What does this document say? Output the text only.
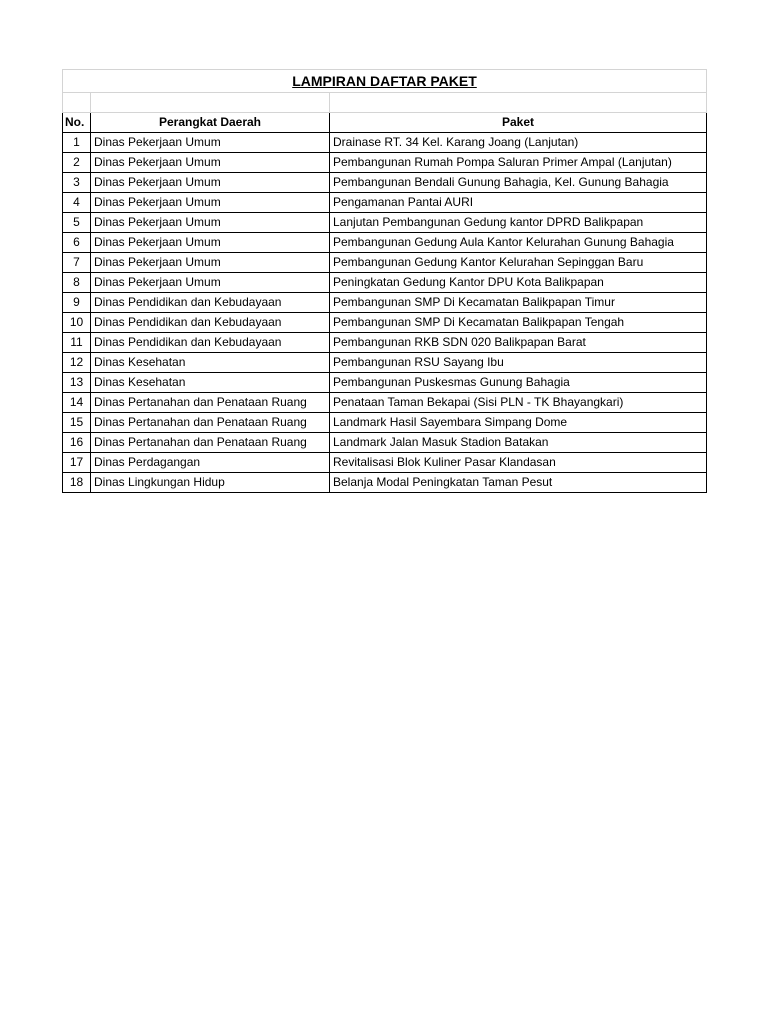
LAMPIRAN DAFTAR PAKET		

No.	Perangkat Daerah	Paket
1	Dinas Pekerjaan Umum	Drainase RT. 34 Kel. Karang Joang (Lanjutan)
2	Dinas Pekerjaan Umum	Pembangunan Rumah Pompa Saluran Primer Ampal (Lanjutan)
3	Dinas Pekerjaan Umum	Pembangunan Bendali Gunung Bahagia, Kel. Gunung Bahagia
4	Dinas Pekerjaan Umum	Pengamanan Pantai AURI
5	Dinas Pekerjaan Umum	Lanjutan Pembangunan Gedung kantor DPRD Balikpapan
6	Dinas Pekerjaan Umum	Pembangunan Gedung Aula Kantor Kelurahan Gunung Bahagia
7	Dinas Pekerjaan Umum	Pembangunan Gedung Kantor Kelurahan Sepinggan Baru
8	Dinas Pekerjaan Umum	Peningkatan Gedung Kantor DPU Kota Balikpapan
9	Dinas Pendidikan dan Kebudayaan	Pembangunan SMP Di Kecamatan Balikpapan Timur
10	Dinas Pendidikan dan Kebudayaan	Pembangunan SMP Di Kecamatan Balikpapan Tengah
11	Dinas Pendidikan dan Kebudayaan	Pembangunan RKB SDN 020 Balikpapan Barat
12	Dinas Kesehatan	Pembangunan RSU Sayang Ibu
13	Dinas Kesehatan	Pembangunan Puskesmas Gunung Bahagia
14	Dinas Pertanahan dan Penataan Ruang	Penataan Taman Bekapai (Sisi PLN - TK Bhayangkari)
15	Dinas Pertanahan dan Penataan Ruang	Landmark Hasil Sayembara Simpang Dome
16	Dinas Pertanahan dan Penataan Ruang	Landmark Jalan Masuk Stadion Batakan
17	Dinas Perdagangan	Revitalisasi Blok Kuliner Pasar Klandasan
18	Dinas Lingkungan Hidup	Belanja Modal Peningkatan Taman Pesut
